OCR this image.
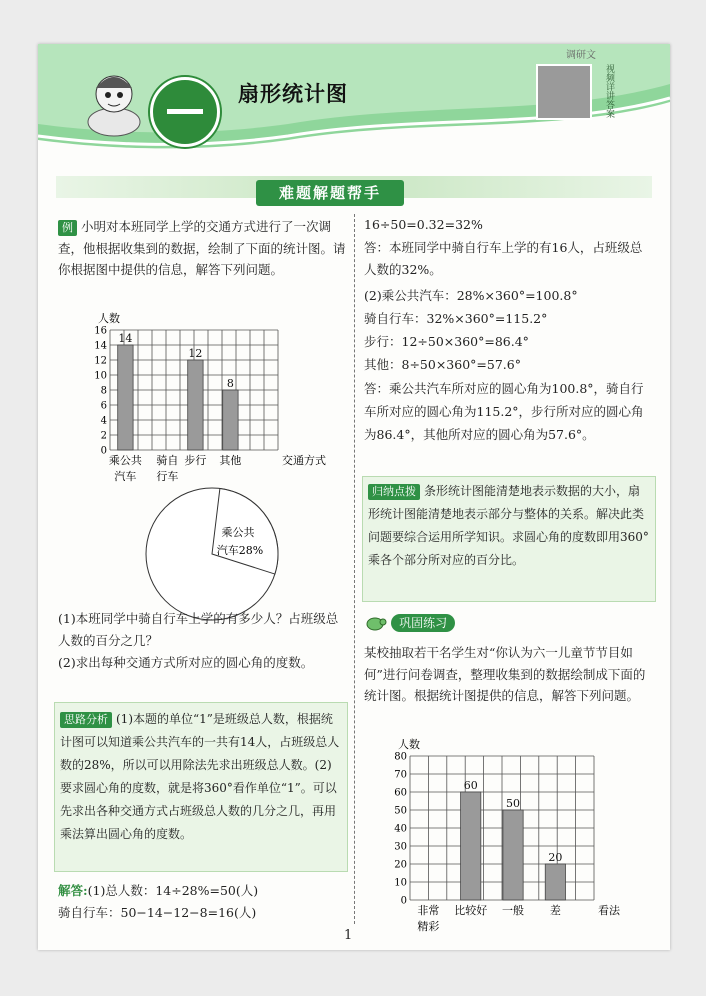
扇形统计图
调研文
视频详讲答案
难题解题帮手
例 小明对本班同学上学的交通方式进行了一次调查，他根据收集到的数据，绘制了下面的统计图。请你根据图中提供的信息，解答下列问题。
0
2
4
6
8
10
12
14
16
人数
14
乘公共
汽车
骑自
行车
12
步行
8
其他	交通方式
乘公共
汽车28%
(1)本班同学中骑自行车上学的有多少人？占班级总人数的百分之几？
(2)求出每种交通方式所对应的圆心角的度数。
思路分析 (1)本题的单位“1”是班级总人数，根据统计图可以知道乘公共汽车的一共有14人，占班级总人数的28%，所以可以用除法先求出班级总人数。(2)要求圆心角的度数，就是将360°看作单位“1”。可以先求出各种交通方式占班级总人数的几分之几，再用乘法算出圆心角的度数。
解答:(1)总人数：14÷28%=50(人)
骑自行车：50−14−12−8=16(人)
16÷50=0.32=32%
答：本班同学中骑自行车上学的有16人，占班级总人数的32%。
(2)乘公共汽车：28%×360°=100.8°
骑自行车：32%×360°=115.2°
步行：12÷50×360°=86.4°
其他：8÷50×360°=57.6°
答：乘公共汽车所对应的圆心角为100.8°，骑自行车所对应的圆心角为115.2°，步行所对应的圆心角为86.4°，其他所对应的圆心角为57.6°。
归纳点拨 条形统计图能清楚地表示数据的大小，扇形统计图能清楚地表示部分与整体的关系。解决此类问题要综合运用所学知识。求圆心角的度数即用360°乘各个部分所对应的百分比。
巩固练习
某校抽取若干名学生对“你认为六一儿童节节目如何”进行问卷调查，整理收集到的数据绘制成下面的统计图。根据统计图提供的信息，解答下列问题。
0
10
20
30
40
50
60
70
80
人数
非常
精彩
60
比较好
50
一般
20
差	看法
1
